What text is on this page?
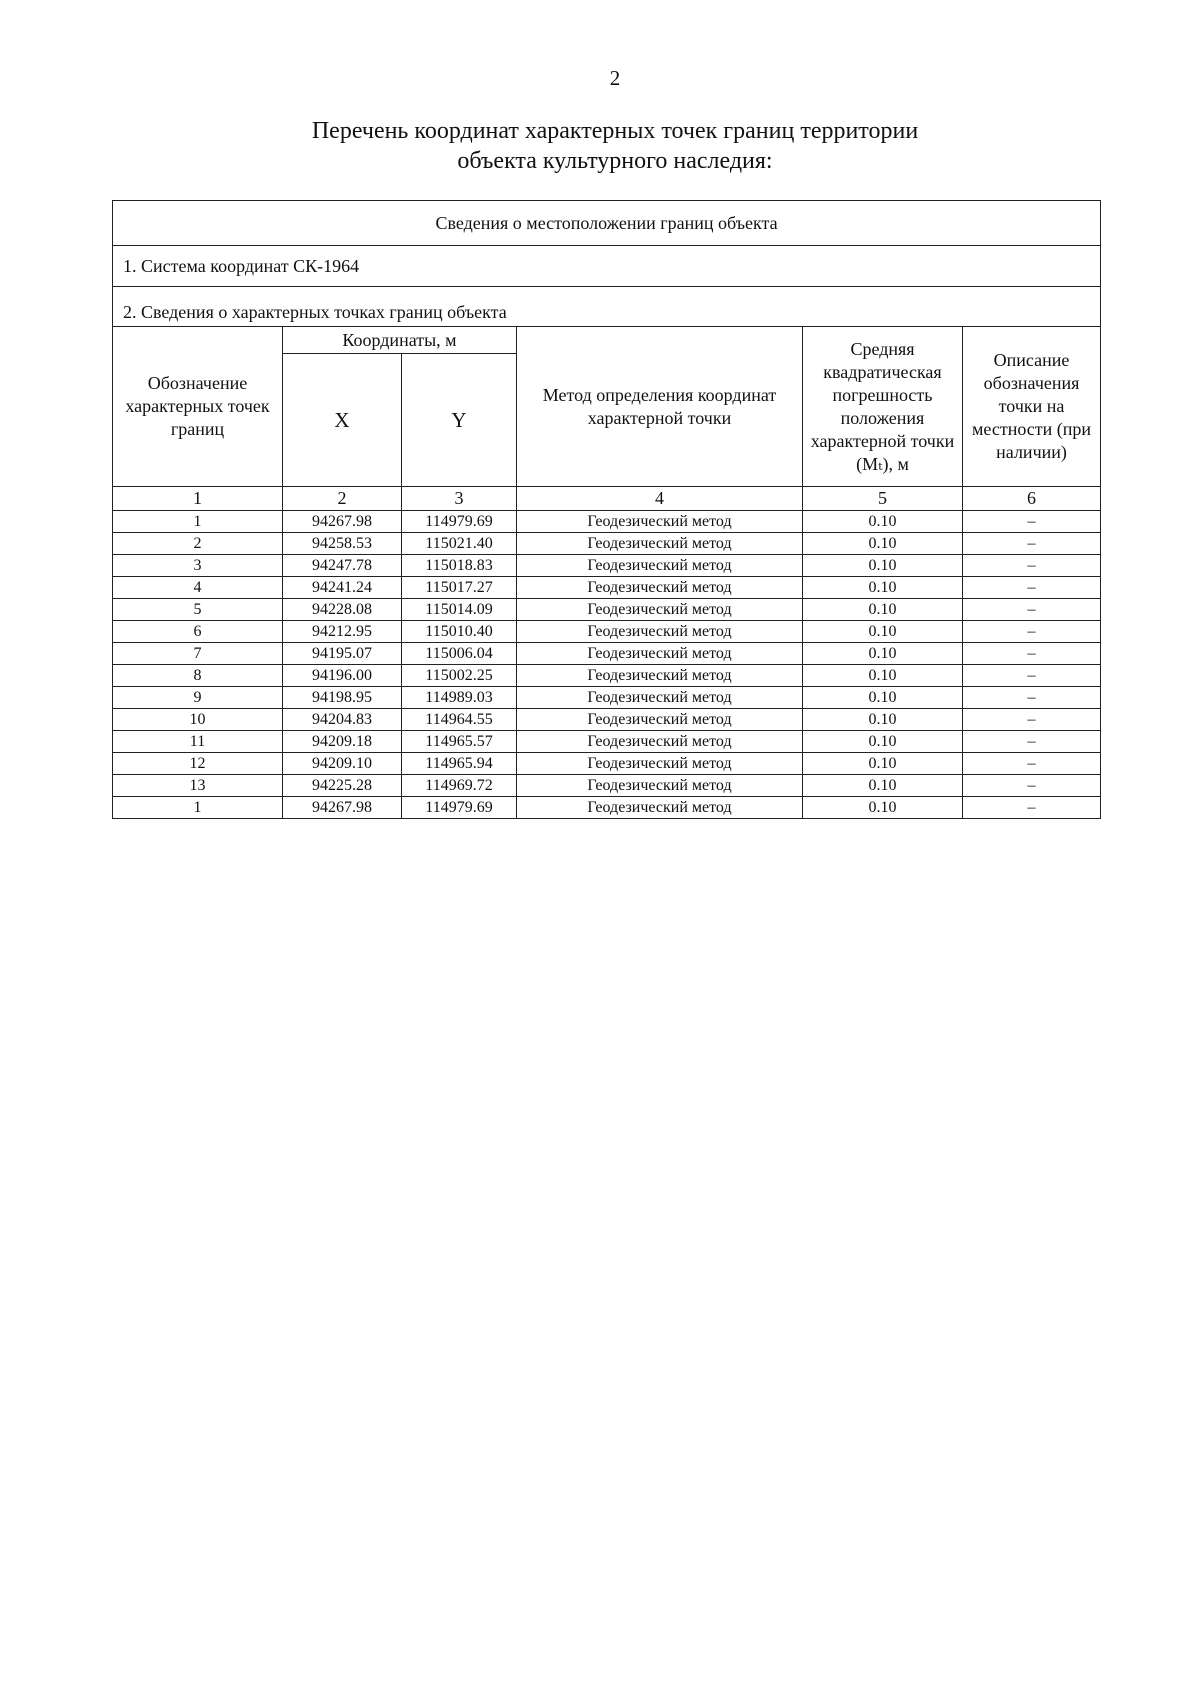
2
Перечень координат характерных точек границ территории
объекта культурного наследия:
Сведения о местоположении границ объекта					
1. Система координат СК-1964					
2. Сведения о характерных точках границ объекта					
Обозначение характерных точек границ	Координаты, м		Метод определения координат характерной точки	Средняя квадратическая погрешность положения характерной точки (Mₜ), м	Описание обозначения точки на местности (при наличии)
	X	Y			
1	2	3	4	5	6
1	94267.98	114979.69	Геодезический метод	0.10	–
2	94258.53	115021.40	Геодезический метод	0.10	–
3	94247.78	115018.83	Геодезический метод	0.10	–
4	94241.24	115017.27	Геодезический метод	0.10	–
5	94228.08	115014.09	Геодезический метод	0.10	–
6	94212.95	115010.40	Геодезический метод	0.10	–
7	94195.07	115006.04	Геодезический метод	0.10	–
8	94196.00	115002.25	Геодезический метод	0.10	–
9	94198.95	114989.03	Геодезический метод	0.10	–
10	94204.83	114964.55	Геодезический метод	0.10	–
11	94209.18	114965.57	Геодезический метод	0.10	–
12	94209.10	114965.94	Геодезический метод	0.10	–
13	94225.28	114969.72	Геодезический метод	0.10	–
1	94267.98	114979.69	Геодезический метод	0.10	–
